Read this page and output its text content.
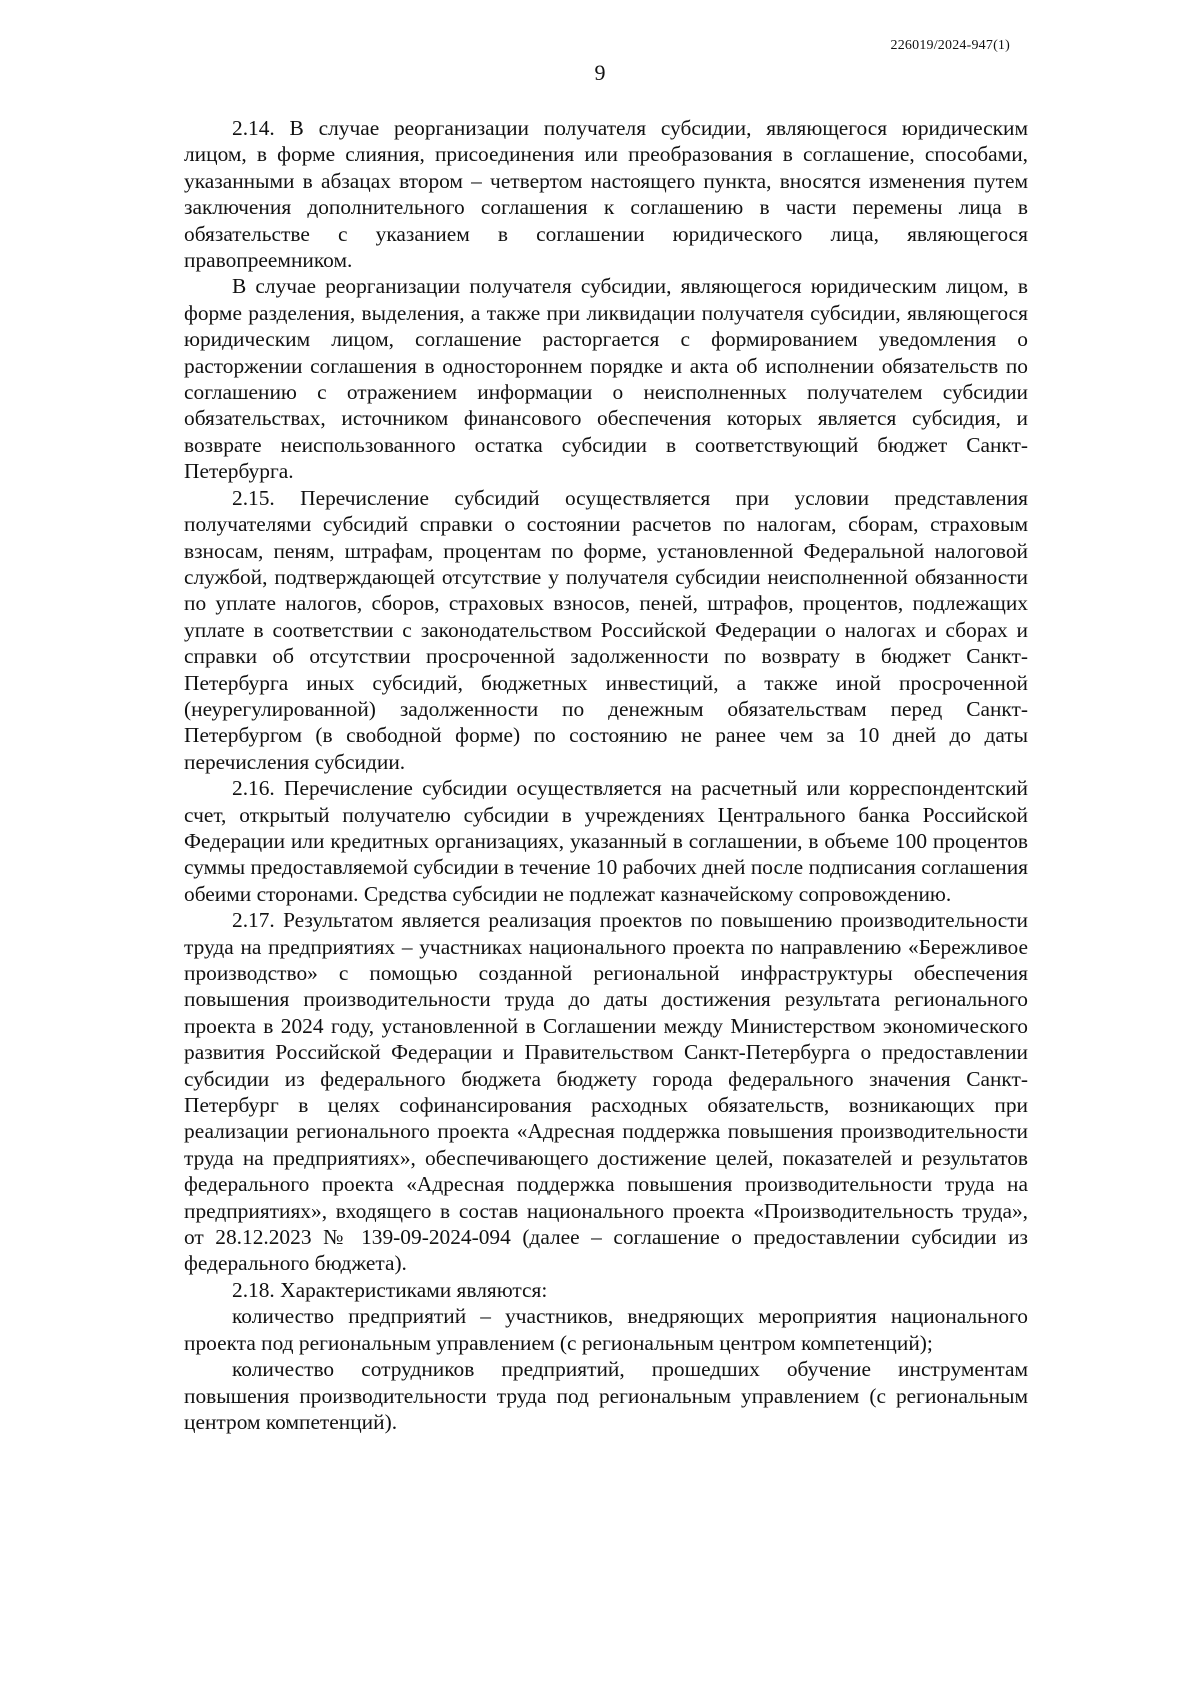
226019/2024-947(1)
9

2.14. В случае реорганизации получателя субсидии, являющегося юридическим лицом, в форме слияния, присоединения или преобразования в соглашение, способами, указанными в абзацах втором – четвертом настоящего пункта, вносятся изменения путем заключения дополнительного соглашения к соглашению в части перемены лица в обязательстве с указанием в соглашении юридического лица, являющегося правопреемником.

В случае реорганизации получателя субсидии, являющегося юридическим лицом, в форме разделения, выделения, а также при ликвидации получателя субсидии, являющегося юридическим лицом, соглашение расторгается с формированием уведомления о расторжении соглашения в одностороннем порядке и акта об исполнении обязательств по соглашению с отражением информации о неисполненных получателем субсидии обязательствах, источником финансового обеспечения которых является субсидия, и возврате неиспользованного остатка субсидии в соответствующий бюджет Санкт-Петербурга.

2.15. Перечисление субсидий осуществляется при условии представления получателями субсидий справки о состоянии расчетов по налогам, сборам, страховым взносам, пеням, штрафам, процентам по форме, установленной Федеральной налоговой службой, подтверждающей отсутствие у получателя субсидии неисполненной обязанности по уплате налогов, сборов, страховых взносов, пеней, штрафов, процентов, подлежащих уплате в соответствии с законодательством Российской Федерации о налогах и сборах и справки об отсутствии просроченной задолженности по возврату в бюджет Санкт-Петербурга иных субсидий, бюджетных инвестиций, а также иной просроченной (неурегулированной) задолженности по денежным обязательствам перед Санкт-Петербургом (в свободной форме) по состоянию не ранее чем за 10 дней до даты перечисления субсидии.

2.16. Перечисление субсидии осуществляется на расчетный или корреспондентский счет, открытый получателю субсидии в учреждениях Центрального банка Российской Федерации или кредитных организациях, указанный в соглашении, в объеме 100 процентов суммы предоставляемой субсидии в течение 10 рабочих дней после подписания соглашения обеими сторонами. Средства субсидии не подлежат казначейскому сопровождению.

2.17. Результатом является реализация проектов по повышению производительности труда на предприятиях – участниках национального проекта по направлению «Бережливое производство» с помощью созданной региональной инфраструктуры обеспечения повышения производительности труда до даты достижения результата регионального проекта в 2024 году, установленной в Соглашении между Министерством экономического развития Российской Федерации и Правительством Санкт-Петербурга о предоставлении субсидии из федерального бюджета бюджету города федерального значения Санкт-Петербург в целях софинансирования расходных обязательств, возникающих при реализации регионального проекта «Адресная поддержка повышения производительности труда на предприятиях», обеспечивающего достижение целей, показателей и результатов федерального проекта «Адресная поддержка повышения производительности труда на предприятиях», входящего в состав национального проекта «Производительность труда», от 28.12.2023 № 139-09-2024-094 (далее – соглашение о предоставлении субсидии из федерального бюджета).

2.18. Характеристиками являются:

количество предприятий – участников, внедряющих мероприятия национального проекта под региональным управлением (с региональным центром компетенций);

количество сотрудников предприятий, прошедших обучение инструментам повышения производительности труда под региональным управлением (с региональным центром компетенций).
